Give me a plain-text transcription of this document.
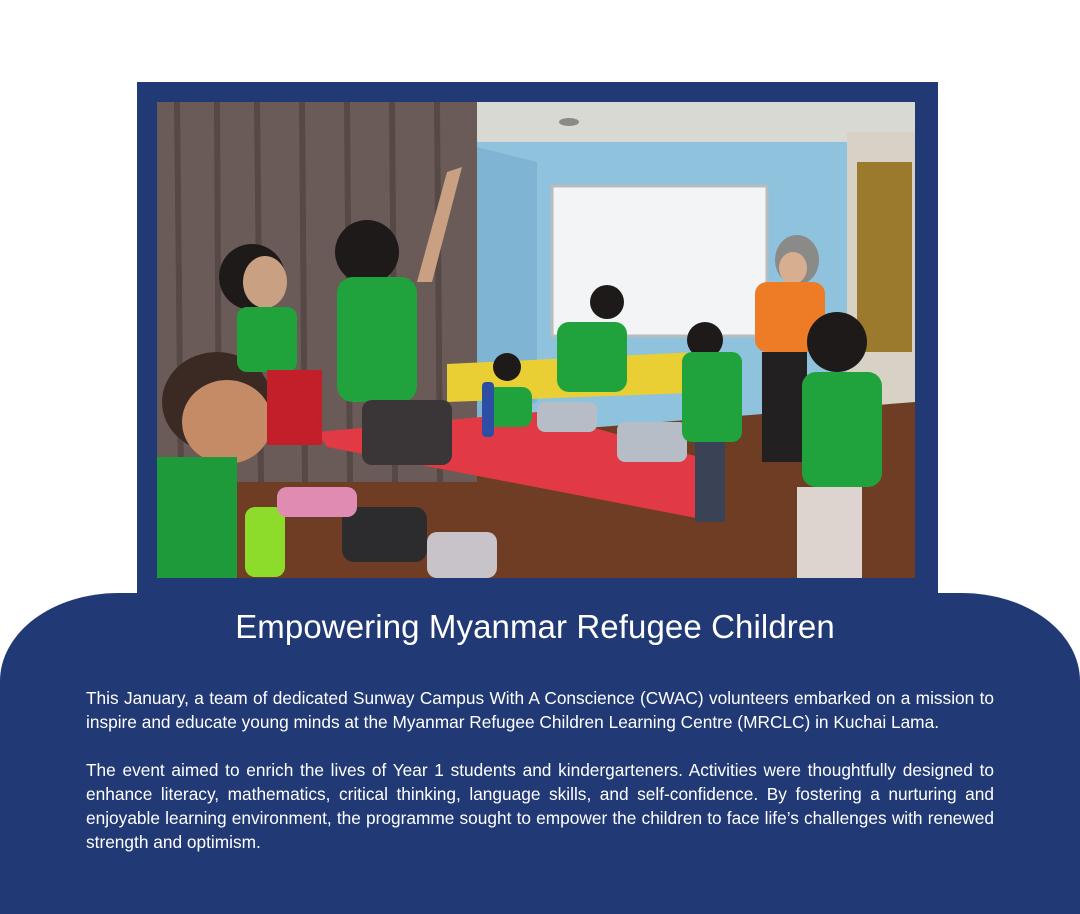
Empowering Myanmar Refugee Children

This January, a team of dedicated Sunway Campus With A Conscience (CWAC) volunteers embarked on a mission to inspire and educate young minds at the Myanmar Refugee Children Learning Centre (MRCLC) in Kuchai Lama.

The event aimed to enrich the lives of Year 1 students and kindergarteners. Activities were thoughtfully designed to enhance literacy, mathematics, critical thinking, language skills, and self-confidence. By fostering a nurturing and enjoyable learning environment, the programme sought to empower the children to face life’s challenges with renewed strength and optimism.
